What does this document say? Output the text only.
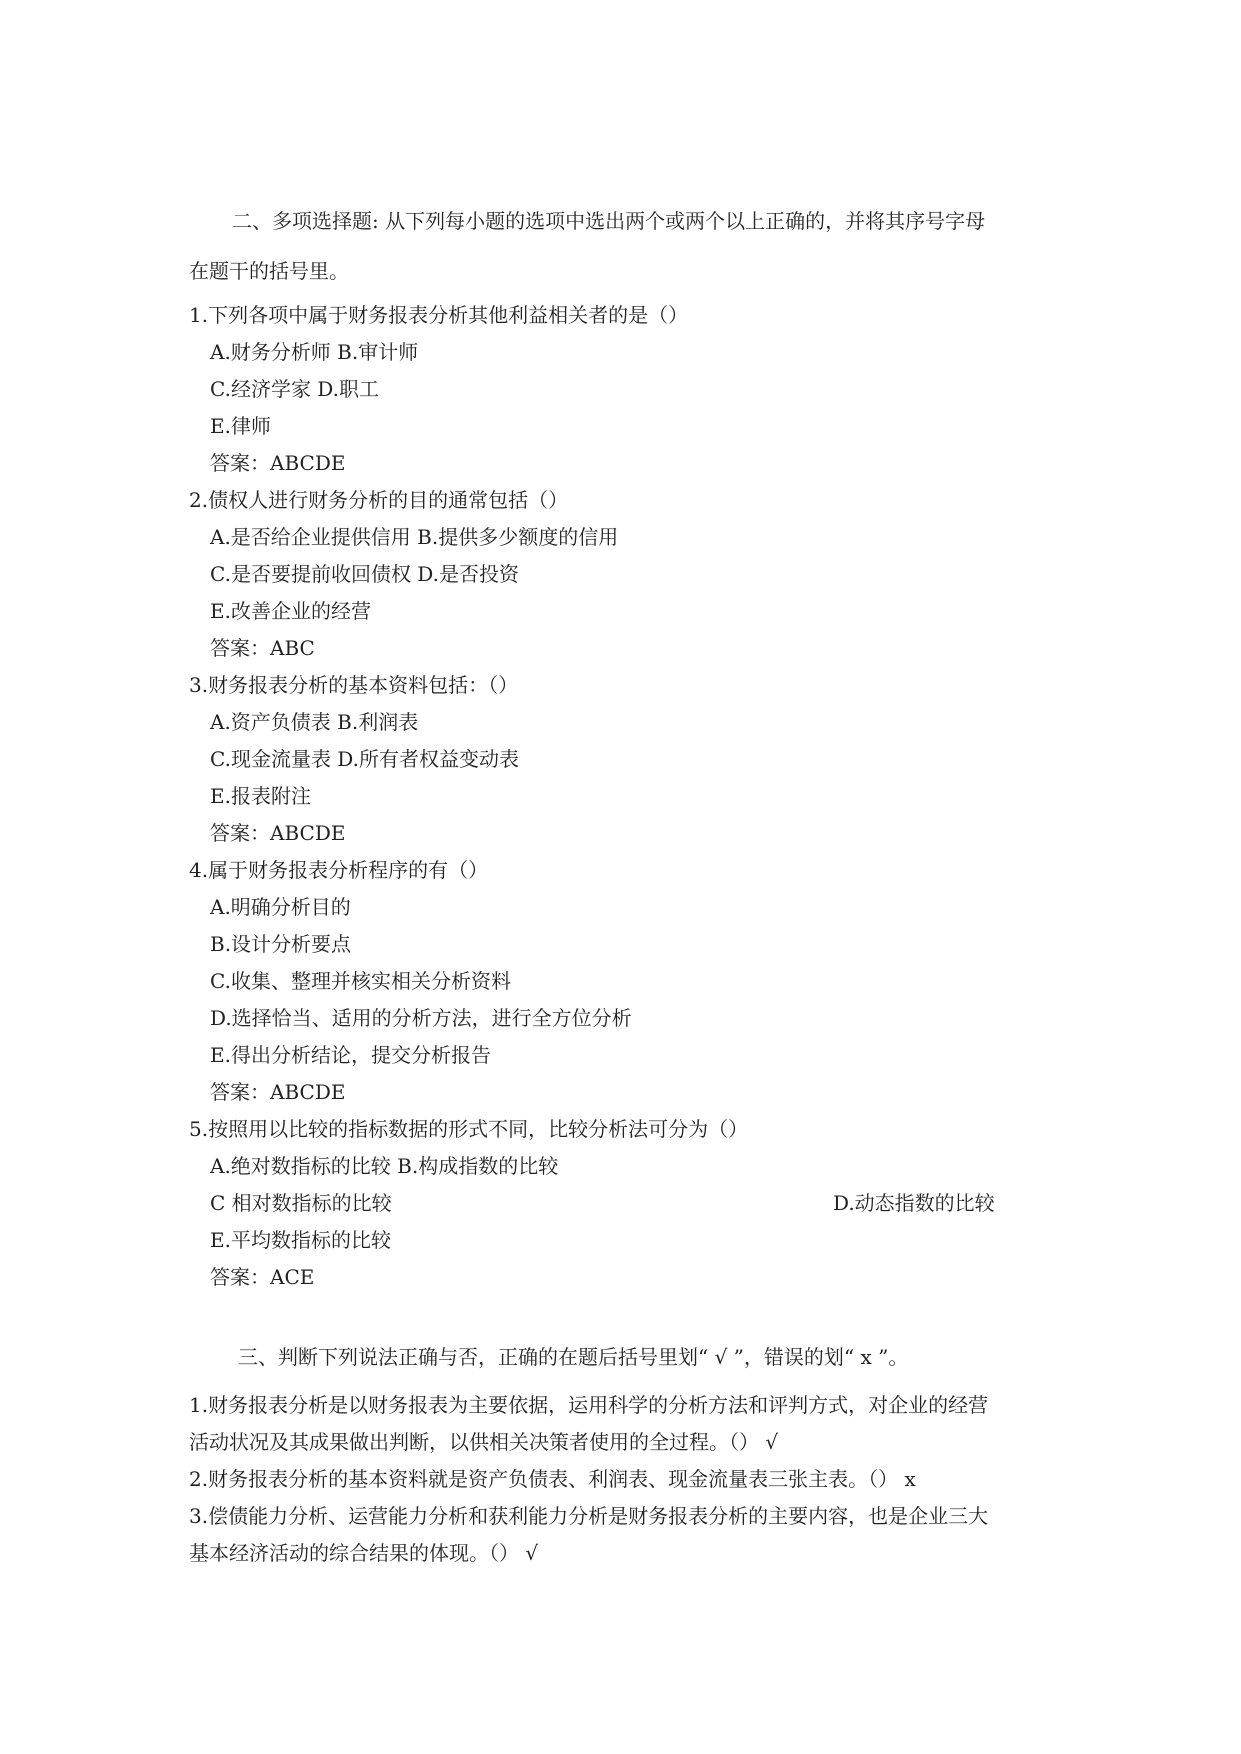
二、多项选择题: 从下列每小题的选项中选出两个或两个以上正确的，并将其序号字母
在题干的括号里。
1.下列各项中属于财务报表分析其他利益相关者的是（）
A.财务分析师 B.审计师
C.经济学家 D.职工
E.律师
答案：ABCDE
2.债权人进行财务分析的目的通常包括（）
A.是否给企业提供信用 B.提供多少额度的信用
C.是否要提前收回债权 D.是否投资
E.改善企业的经营
答案：ABC
3.财务报表分析的基本资料包括：（）
A.资产负债表 B.利润表
C.现金流量表 D.所有者权益变动表
E.报表附注
答案：ABCDE
4.属于财务报表分析程序的有（）
A.明确分析目的
B.设计分析要点
C.收集、整理并核实相关分析资料
D.选择恰当、适用的分析方法，进行全方位分析
E.得出分析结论，提交分析报告
答案：ABCDE
5.按照用以比较的指标数据的形式不同，比较分析法可分为（）
A.绝对数指标的比较 B.构成指数的比较
C 相对数指标的比较	D.动态指数的比较
E.平均数指标的比较
答案：ACE
三、判断下列说法正确与否，正确的在题后括号里划“ √ ”，错误的划“ x ”。
1.财务报表分析是以财务报表为主要依据，运用科学的分析方法和评判方式，对企业的经营
活动状况及其成果做出判断，以供相关决策者使用的全过程。（） √
2.财务报表分析的基本资料就是资产负债表、利润表、现金流量表三张主表。（） x
3.偿债能力分析、运营能力分析和获利能力分析是财务报表分析的主要内容，也是企业三大
基本经济活动的综合结果的体现。（） √
